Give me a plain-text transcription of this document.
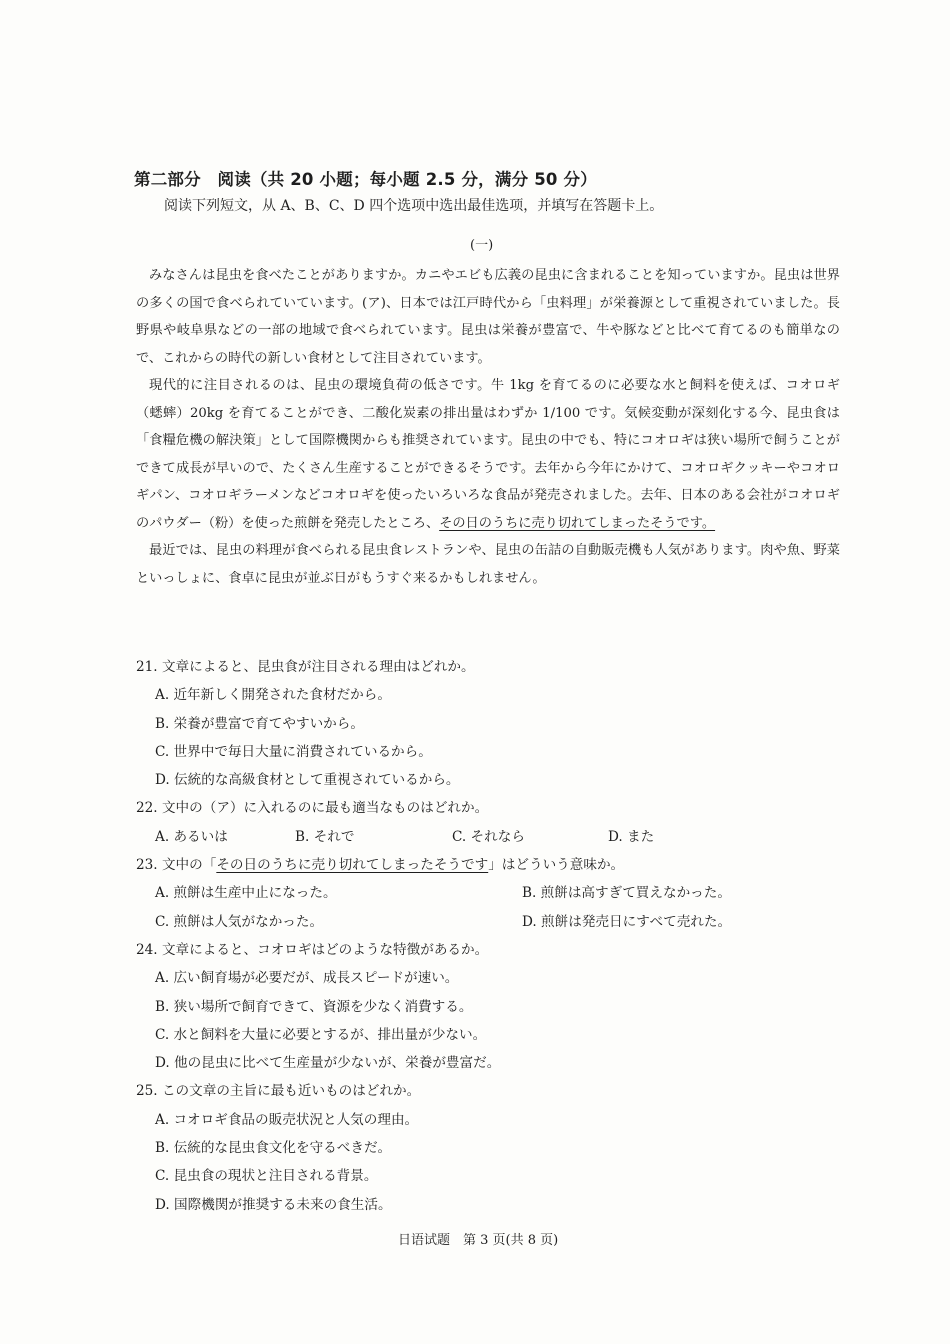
第二部分　阅读（共 20 小题；每小题 2.5 分，满分 50 分）
阅读下列短文，从 A、B、C、D 四个选项中选出最佳选项，并填写在答题卡上。
(一)

みなさんは昆虫を食べたことがありますか。カニやエビも広義の昆虫に含まれることを知っていますか。昆虫は世界の多くの国で食べられていています。(ア)、日本では江戸時代から「虫料理」が栄養源として重視されていました。長野県や岐阜県などの一部の地域で食べられています。昆虫は栄養が豊富で、牛や豚などと比べて育てるのも簡単なので、これからの時代の新しい食材として注目されています。

現代的に注目されるのは、昆虫の環境負荷の低さです。牛 1kg を育てるのに必要な水と飼料を使えば、コオロギ（蟋蟀）20kg を育てることができ、二酸化炭素の排出量はわずか 1/100 です。気候変動が深刻化する今、昆虫食は「食糧危機の解決策」として国際機関からも推奨されています。昆虫の中でも、特にコオロギは狭い場所で飼うことができて成長が早いので、たくさん生産することができるそうです。去年から今年にかけて、コオロギクッキーやコオロギパン、コオロギラーメンなどコオロギを使ったいろいろな食品が発売されました。去年、日本のある会社がコオロギのパウダー（粉）を使った煎餅を発売したところ、その日のうちに売り切れてしまったそうです。

最近では、昆虫の料理が食べられる昆虫食レストランや、昆虫の缶詰の自動販売機も人気があります。肉や魚、野菜といっしょに、食卓に昆虫が並ぶ日がもうすぐ来るかもしれません。

21. 文章によると、昆虫食が注目される理由はどれか。
A. 近年新しく開発された食材だから。
B. 栄養が豊富で育てやすいから。
C. 世界中で毎日大量に消費されているから。
D. 伝統的な高級食材として重視されているから。
22. 文中の（ア）に入れるのに最も適当なものはどれか。
A. あるいは	B. それで	C. それなら	D. また
23. 文中の「その日のうちに売り切れてしまったそうです」はどういう意味か。
A. 煎餅は生産中止になった。	B. 煎餅は高すぎて買えなかった。
C. 煎餅は人気がなかった。	D. 煎餅は発売日にすべて売れた。
24. 文章によると、コオロギはどのような特徴があるか。
A. 広い飼育場が必要だが、成長スピードが速い。
B. 狭い場所で飼育できて、資源を少なく消費する。
C. 水と飼料を大量に必要とするが、排出量が少ない。
D. 他の昆虫に比べて生産量が少ないが、栄養が豊富だ。
25. この文章の主旨に最も近いものはどれか。
A. コオロギ食品の販売状況と人気の理由。
B. 伝統的な昆虫食文化を守るべきだ。
C. 昆虫食の現状と注目される背景。
D. 国際機関が推奨する未来の食生活。
日语试题　第 3 页(共 8 页)
